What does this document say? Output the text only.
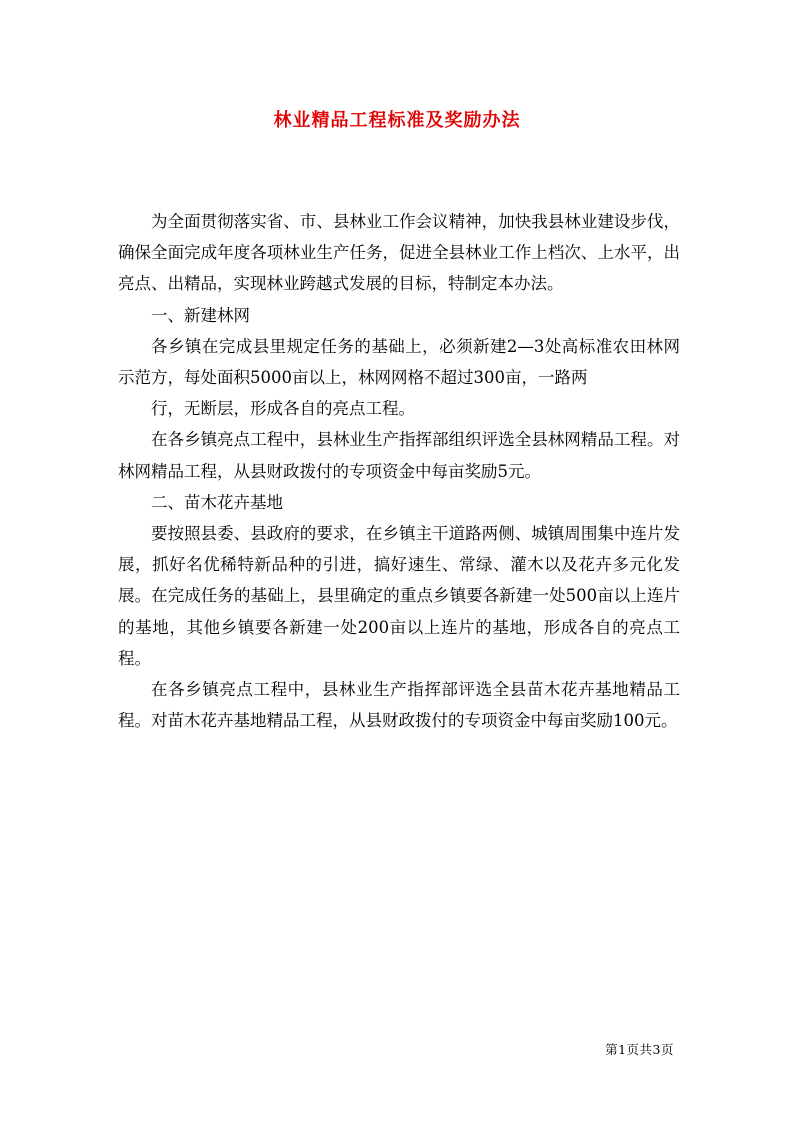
林业精品工程标准及奖励办法

为全面贯彻落实省、市、县林业工作会议精神，加快我县林业建设步伐，确保全面完成年度各项林业生产任务，促进全县林业工作上档次、上水平，出亮点、出精品，实现林业跨越式发展的目标，特制定本办法。

一、新建林网

各乡镇在完成县里规定任务的基础上，必须新建2—3处高标准农田林网示范方，每处面积5000亩以上，林网网格不超过300亩，一路两

行，无断层，形成各自的亮点工程。

在各乡镇亮点工程中，县林业生产指挥部组织评选全县林网精品工程。对林网精品工程，从县财政拨付的专项资金中每亩奖励5元。

二、苗木花卉基地

要按照县委、县政府的要求，在乡镇主干道路两侧、城镇周围集中连片发展，抓好名优稀特新品种的引进，搞好速生、常绿、灌木以及花卉多元化发展。在完成任务的基础上，县里确定的重点乡镇要各新建一处500亩以上连片的基地，其他乡镇要各新建一处200亩以上连片的基地，形成各自的亮点工程。

在各乡镇亮点工程中，县林业生产指挥部评选全县苗木花卉基地精品工程。对苗木花卉基地精品工程，从县财政拨付的专项资金中每亩奖励100元。

第1页共3页
